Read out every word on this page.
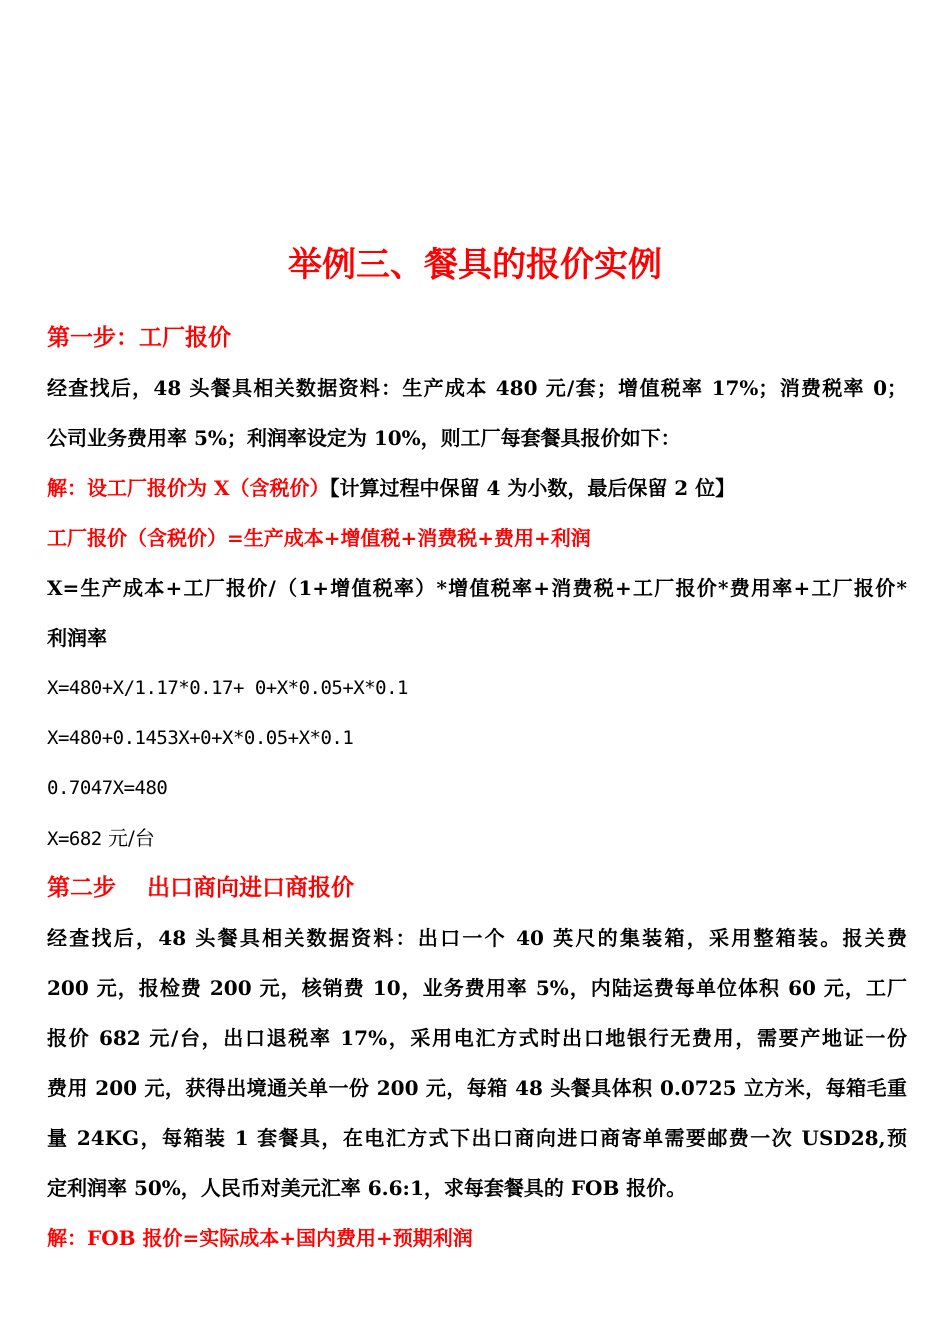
举例三、餐具的报价实例
第一步：工厂报价
经查找后，48 头餐具相关数据资料：生产成本 480 元/套；增值税率 17%；消费税率 0；
公司业务费用率 5%；利润率设定为 10%，则工厂每套餐具报价如下：
解：设工厂报价为 X（含税价）【计算过程中保留 4 为小数，最后保留 2 位】
工厂报价（含税价）=生产成本+增值税+消费税+费用+利润
X=生产成本+工厂报价/（1+增值税率）*增值税率+消费税+工厂报价*费用率+工厂报价*
利润率
X=480+X/1.17*0.17+ 0+X*0.05+X*0.1
X=480+0.1453X+0+X*0.05+X*0.1
0.7047X=480
X=682 元/台
第二步　 出口商向进口商报价
经查找后，48 头餐具相关数据资料：出口一个 40 英尺的集装箱，采用整箱装。报关费
200 元，报检费 200 元，核销费 10，业务费用率 5%，内陆运费每单位体积 60 元，工厂
报价 682 元/台，出口退税率 17%，采用电汇方式时出口地银行无费用，需要产地证一份
费用 200 元，获得出境通关单一份 200 元，每箱 48 头餐具体积 0.0725 立方米，每箱毛重
量 24KG，每箱装 1 套餐具，在电汇方式下出口商向进口商寄单需要邮费一次 USD28,预
定利润率 50%，人民币对美元汇率 6.6:1，求每套餐具的 FOB 报价。
解：FOB 报价=实际成本+国内费用+预期利润
